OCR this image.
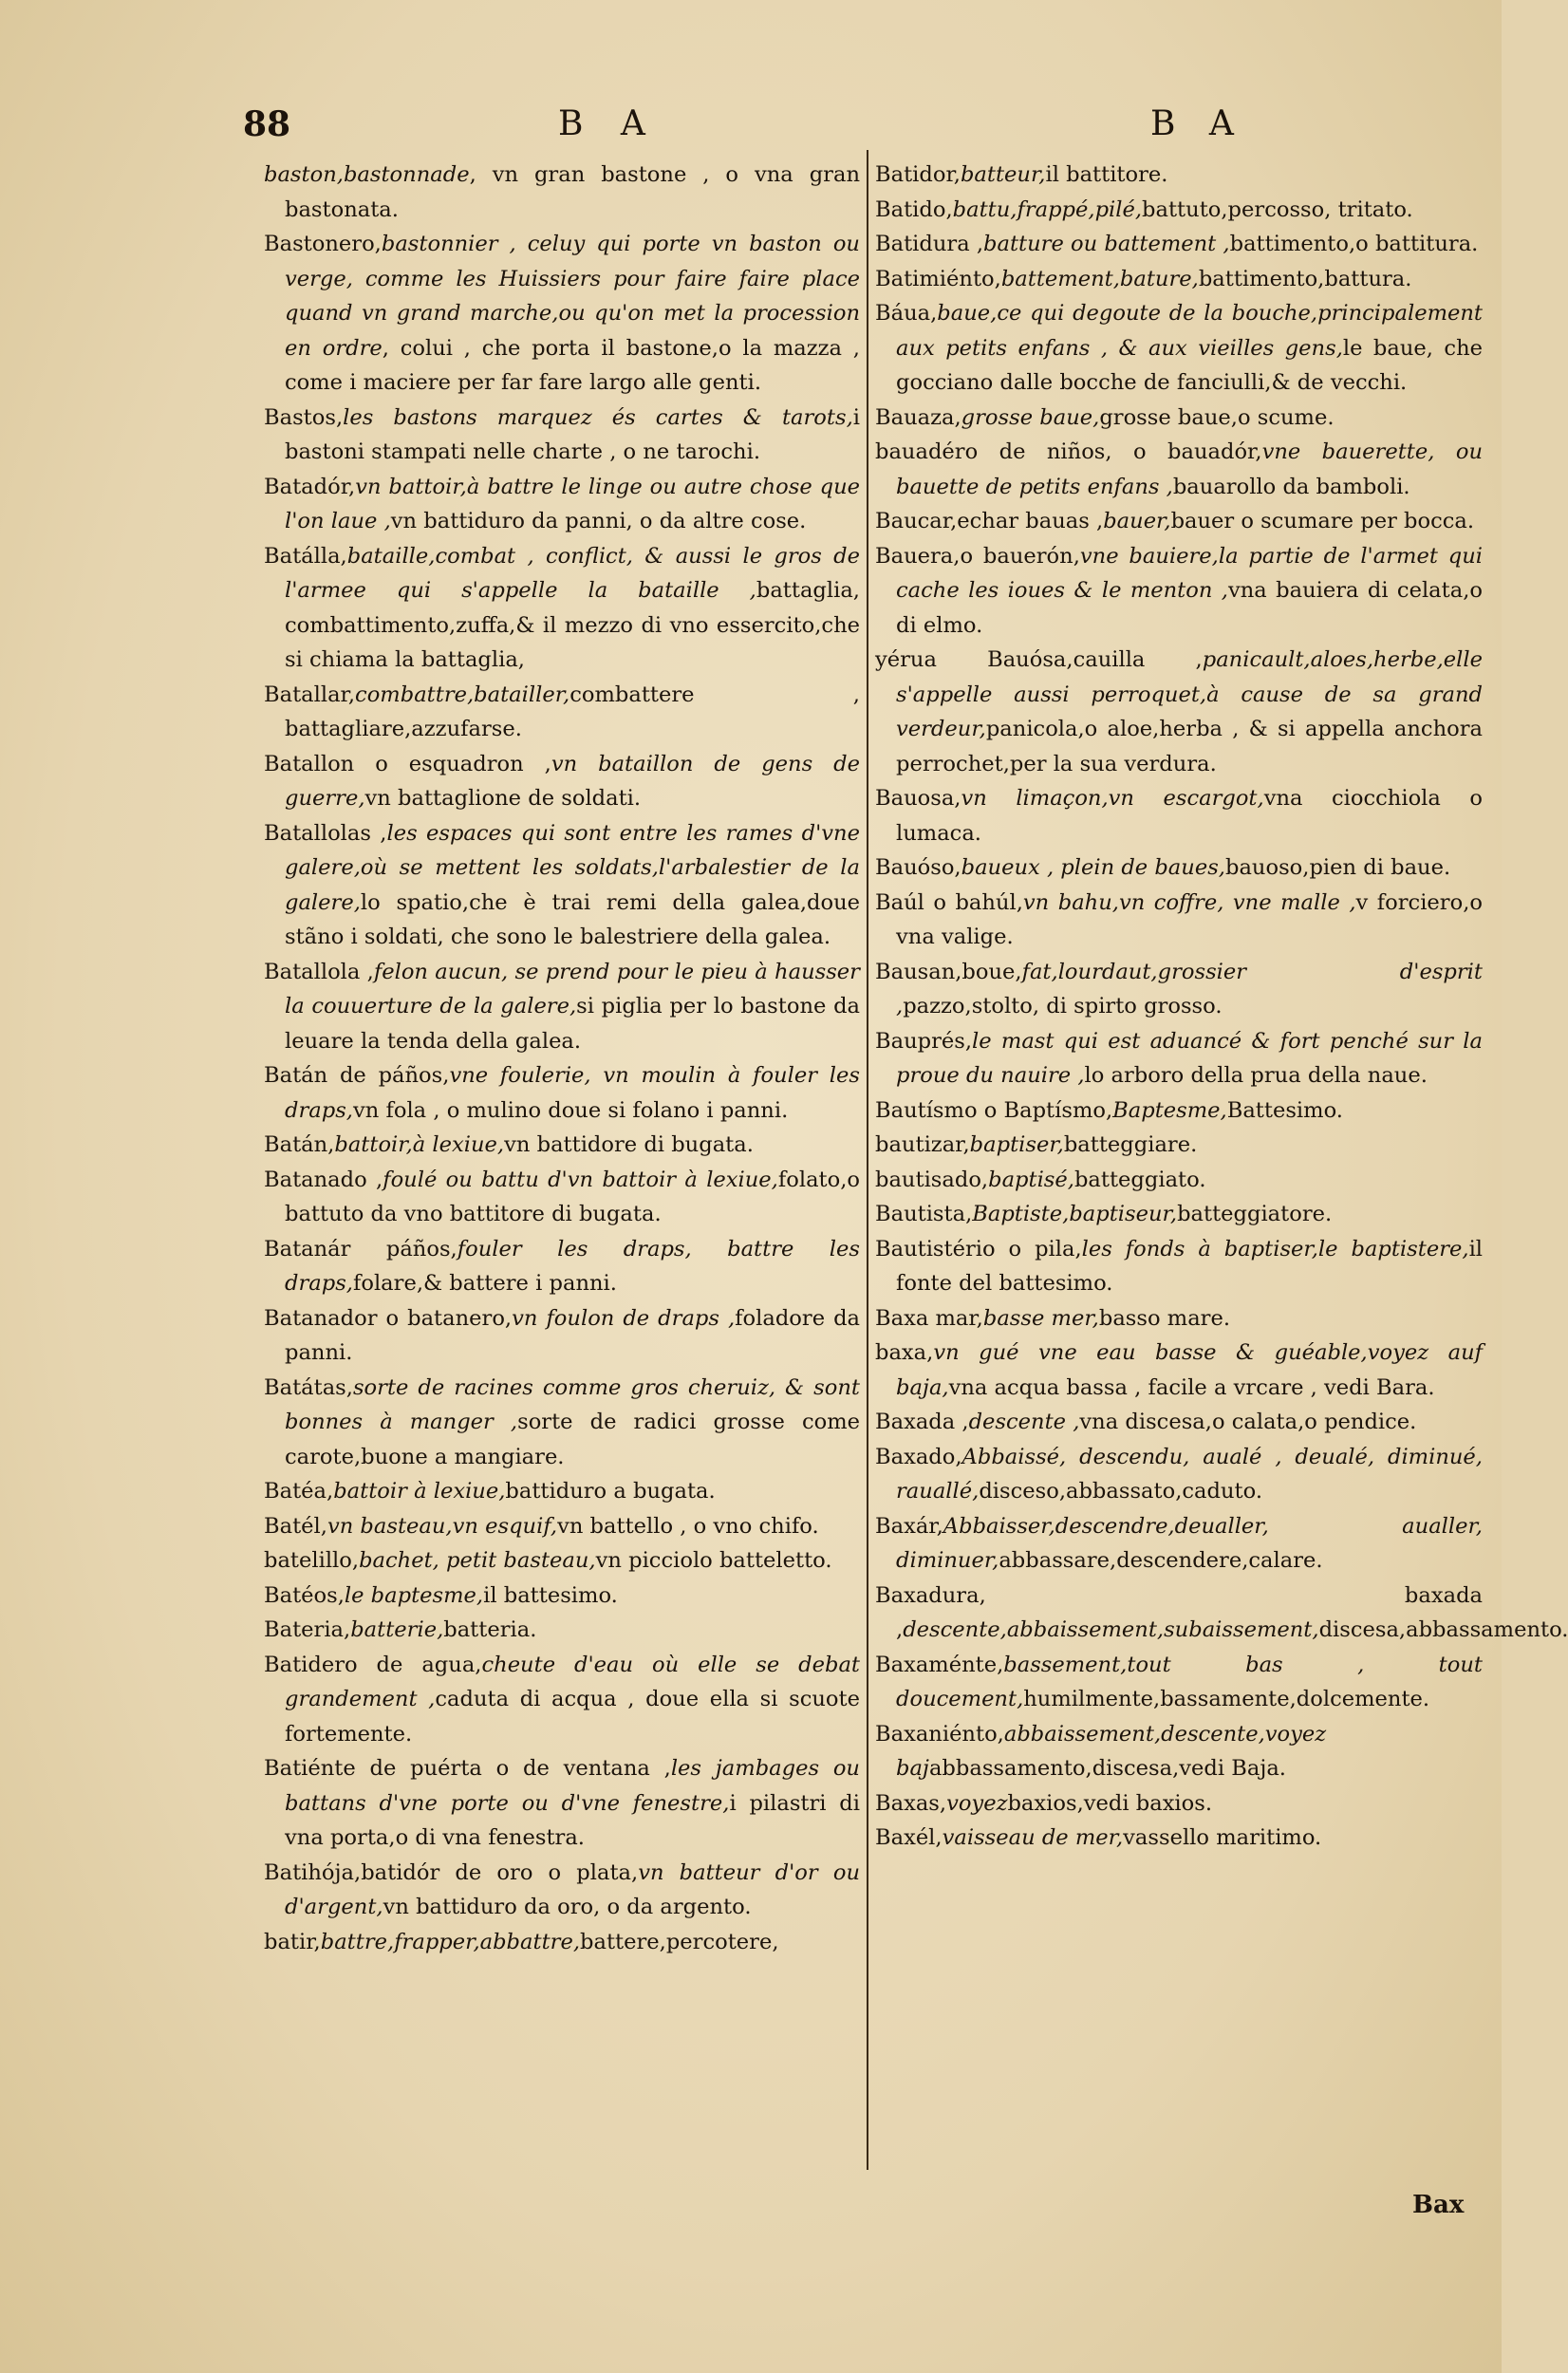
88	B A	B A

baston,bastonnade, vn gran bastone , o vna gran bastonata.

Bastonero,bastonnier , celuy qui porte vn baston ou verge, comme les Huissiers pour faire faire place quand vn grand marche,ou qu'on met la procession en ordre, colui , che porta il bastone,o la mazza , come i maciere per far fare largo alle genti.

Bastos,les bastons marquez és cartes & tarots,i bastoni stampati nelle charte , o ne tarochi.

Batadór,vn battoir,à battre le linge ou autre chose que l'on laue ,vn battiduro da panni, o da altre cose.

Batálla,bataille,combat , conflict, & aussi le gros de l'armee qui s'appelle la bataille ,battaglia, combattimento,zuffa,& il mezzo di vno essercito,che si chiama la battaglia,

Batallar,combattre,batailler,combattere , battagliare,azzufarse.

Batallon o esquadron ,vn bataillon de gens de guerre,vn battaglione de soldati.

Batallolas ,les espaces qui sont entre les rames d'vne galere,où se mettent les soldats,l'arbalestier de la galere,lo spatio,che è trai remi della galea,doue stãno i soldati, che sono le balestriere della galea.

Batallola ,felon aucun, se prend pour le pieu à hausser la couuerture de la galere,si piglia per lo bastone da leuare la tenda della galea.

Batán de páños,vne foulerie, vn moulin à fouler les draps,vn fola , o mulino doue si folano i panni.

Batán,battoir,à lexiue,vn battidore di bugata.

Batanado ,foulé ou battu d'vn battoir à lexiue,folato,o battuto da vno battitore di bugata.

Batanár páños,fouler les draps, battre les draps,folare,& battere i panni.

Batanador o batanero,vn foulon de draps ,foladore da panni.

Batátas,sorte de racines comme gros cheruiz, & sont bonnes à manger ,sorte de radici grosse come carote,buone a mangiare.

Batéa,battoir à lexiue,battiduro a bugata.

Batél,vn basteau,vn esquif,vn battello , o vno chifo.

batelillo,bachet, petit basteau,vn picciolo batteletto.

Batéos,le baptesme,il battesimo.

Bateria,batterie,batteria.

Batidero de agua,cheute d'eau où elle se debat grandement ,caduta di acqua , doue ella si scuote fortemente.

Batiénte de puérta o de ventana ,les jambages ou battans d'vne porte ou d'vne fenestre,i pilastri di vna porta,o di vna fenestra.

Batihója,batidór de oro o plata,vn batteur d'or ou d'argent,vn battiduro da oro, o da argento.

batir,battre,frapper,abbattre,battere,percotere,

Batidor,batteur,il battitore.

Batido,battu,frappé,pilé,battuto,percosso, tritato.

Batidura ,batture ou battement ,battimento,o battitura.

Batimiénto,battement,bature,battimento,battura.

Báua,baue,ce qui degoute de la bouche,principalement aux petits enfans , & aux vieilles gens,le baue, che gocciano dalle bocche de fanciulli,& de vecchi.

Bauaza,grosse baue,grosse baue,o scume.

bauadéro de niños, o bauadór,vne bauerette, ou bauette de petits enfans ,bauarollo da bamboli.

Baucar,echar bauas ,bauer,bauer o scumare per bocca.

Bauera,o bauerón,vne bauiere,la partie de l'armet qui cache les ioues & le menton ,vna bauiera di celata,o di elmo.

yérua Bauósa,cauilla ,panicault,aloes,herbe,elle s'appelle aussi perroquet,à cause de sa grand verdeur,panicola,o aloe,herba , & si appella anchora perrochet,per la sua verdura.

Bauosa,vn limaçon,vn escargot,vna ciocchiola o lumaca.

Bauóso,baueux , plein de baues,bauoso,pien di baue.

Baúl o bahúl,vn bahu,vn coffre, vne malle ,v forciero,o vna valige.

Bausan,boue,fat,lourdaut,grossier d'esprit ,pazzo,stolto, di spirto grosso.

Bauprés,le mast qui est aduancé & fort penché sur la proue du nauire ,lo arboro della prua della naue.

Bautísmo o Baptísmo,Baptesme,Battesimo.

bautizar,baptiser,batteggiare.

bautisado,baptisé,batteggiato.

Bautista,Baptiste,baptiseur,batteggiatore.

Bautistério o pila,les fonds à baptiser,le baptistere,il fonte del battesimo.

Baxa mar,basse mer,basso mare.

baxa,vn gué vne eau basse & guéable,voyez auf baja,vna acqua bassa , facile a vrcare , vedi Bara.

Baxada ,descente ,vna discesa,o calata,o pendice.

Baxado,Abbaissé, descendu, aualé , deualé, diminué, rauallé,disceso,abbassato,caduto.

Baxár,Abbaisser,descendre,deualler, aualler, diminuer,abbassare,descendere,calare.

Baxadura, baxada ,descente,abbaissement,subaissement,discesa,abbassamento.

Baxaménte,bassement,tout bas , tout doucement,humilmente,bassamente,dolcemente.

Baxaniénto,abbaissement,descente,voyez bajabbassamento,discesa,vedi Baja.

Baxas,voyezbaxios,vedi baxios.

Baxél,vaisseau de mer,vassello maritimo.

Bax
